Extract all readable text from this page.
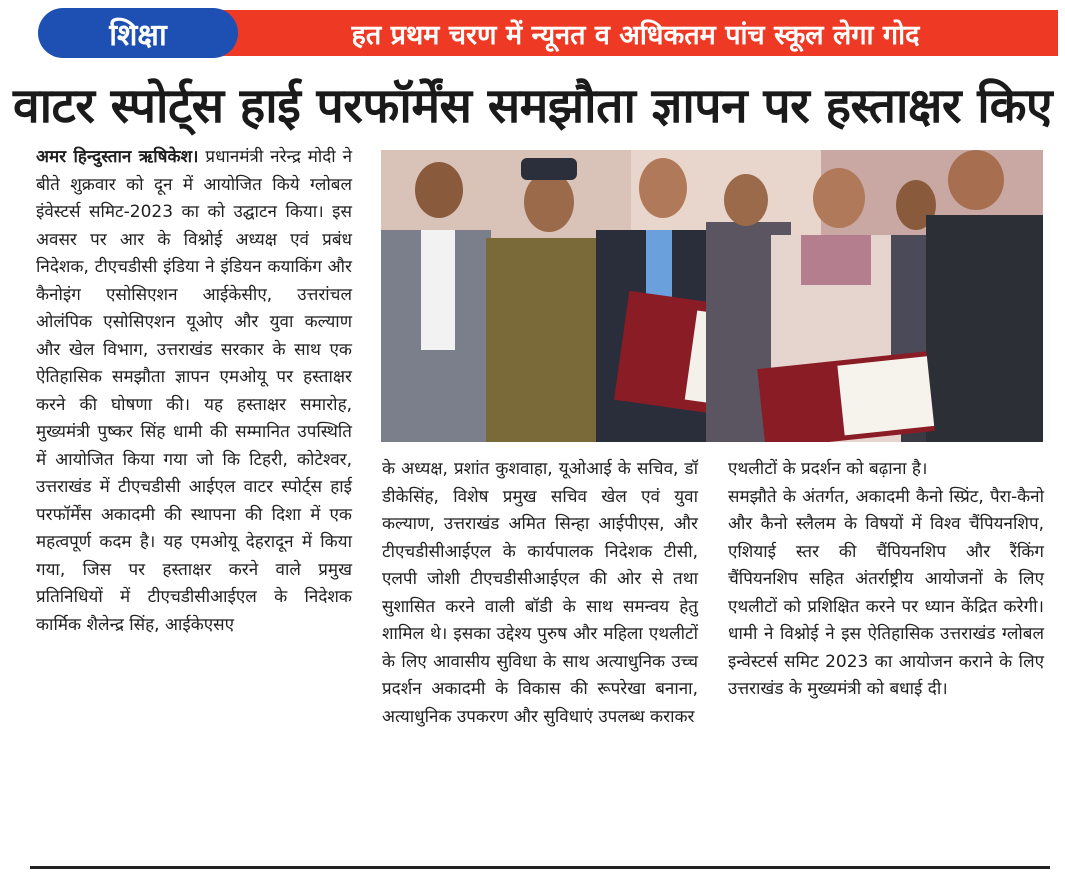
शिक्षा	हत प्रथम चरण में न्यूनत व अधिकतम पांच स्कूल लेगा गोद
वाटर स्पोर्ट्स हाई परफॉर्मेंस समझौता ज्ञापन पर हस्ताक्षर किए

अमर हिन्दुस्तान ऋषिकेश। प्रधानमंत्री नरेन्द्र मोदी ने बीते शुक्रवार को दून में आयोजित किये ग्लोबल इंवेस्टर्स समिट-2023 का को उद्घाटन किया। इस अवसर पर आर के विश्नोई अध्यक्ष एवं प्रबंध निदेशक, टीएचडीसी इंडिया ने इंडियन कयाकिंग और कैनोइंग एसोसिएशन आईकेसीए, उत्तरांचल ओलंपिक एसोसिएशन यूओए और युवा कल्याण और खेल विभाग, उत्तराखंड सरकार के साथ एक ऐतिहासिक समझौता ज्ञापन एमओयू पर हस्ताक्षर करने की घोषणा की। यह हस्ताक्षर समारोह, मुख्यमंत्री पुष्कर सिंह धामी की सम्मानित उपस्थिति में आयोजित किया गया जो कि टिहरी, कोटेश्वर, उत्तराखंड में टीएचडीसी आईएल वाटर स्पोर्ट्स हाई परफॉर्मेंस अकादमी की स्थापना की दिशा में एक महत्वपूर्ण कदम है। यह एमओयू देहरादून में किया गया, जिस पर हस्ताक्षर करने वाले प्रमुख प्रतिनिधियों में टीएचडीसीआईएल के निदेशक कार्मिक शैलेन्द्र सिंह, आईकेएसए

के अध्यक्ष, प्रशांत कुशवाहा, यूओआई के सचिव, डॉ डीकेसिंह, विशेष प्रमुख सचिव खेल एवं युवा कल्याण, उत्तराखंड अमित सिन्हा आईपीएस, और टीएचडीसीआईएल के कार्यपालक निदेशक टीसी, एलपी जोशी टीएचडीसीआईएल की ओर से तथा सुशासित करने वाली बॉडी के साथ समन्वय हेतु शामिल थे। इसका उद्देश्य पुरुष और महिला एथलीटों के लिए आवासीय सुविधा के साथ अत्याधुनिक उच्च प्रदर्शन अकादमी के विकास की रूपरेखा बनाना, अत्याधुनिक उपकरण और सुविधाएं उपलब्ध कराकर

एथलीटों के प्रदर्शन को बढ़ाना है।

समझौते के अंतर्गत, अकादमी कैनो स्प्रिंट, पैरा-कैनो और कैनो स्लैलम के विषयों में विश्व चैंपियनशिप, एशियाई स्तर की चैंपियनशिप और रैंकिंग चैंपियनशिप सहित अंतर्राष्ट्रीय आयोजनों के लिए एथलीटों को प्रशिक्षित करने पर ध्यान केंद्रित करेगी। धामी ने विश्नोई ने इस ऐतिहासिक उत्तराखंड ग्लोबल इन्वेस्टर्स समिट 2023 का आयोजन कराने के लिए उत्तराखंड के मुख्यमंत्री को बधाई दी।
